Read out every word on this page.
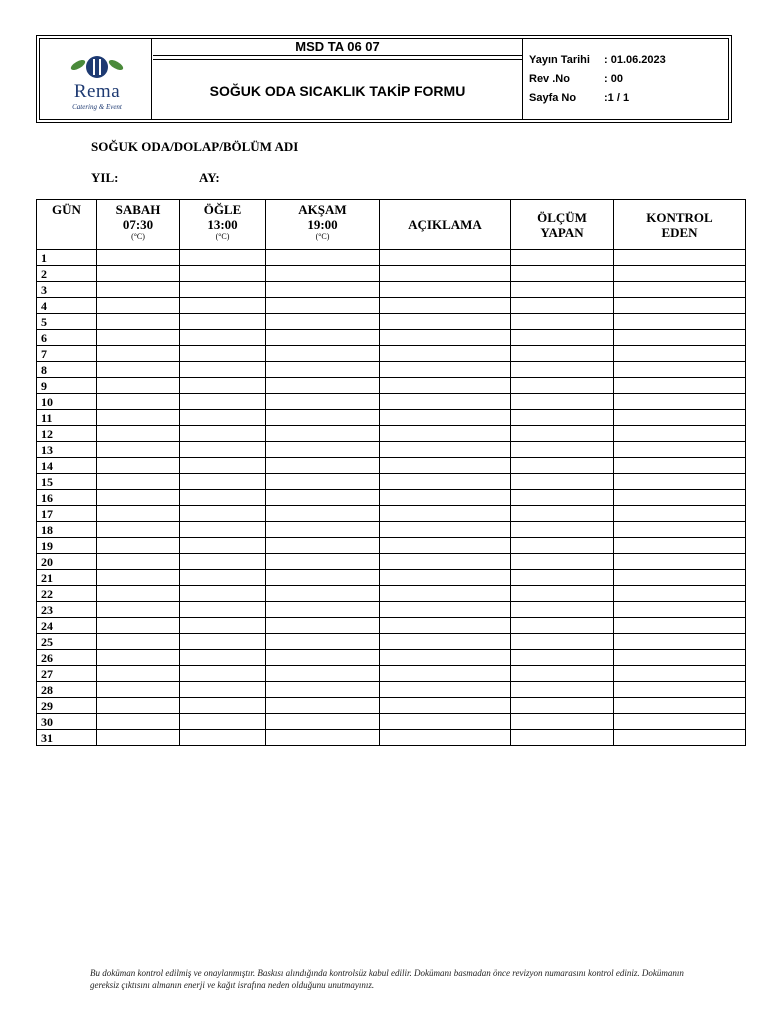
Rema
Catering & Event
MSD TA 06 07
SOĞUK ODA SICAKLIK TAKİP FORMU
Yayın Tarihi : 01.06.2023
Rev .No	: 00
Sayfa No	:1 / 1
SOĞUK ODA/DOLAP/BÖLÜM ADI
YIL:	AY:
GÜN	SABAH
07:30
(°C)	ÖĞLE
13:00
(°C)	AKŞAM
19:00
(°C)	AÇIKLAMA	ÖLÇÜM
YAPAN	KONTROL
EDEN
1						
2						
3						
4						
5						
6						
7						
8						
9						
10						
11						
12						
13						
14						
15						
16						
17						
18						
19						
20						
21						
22						
23						
24						
25						
26						
27						
28						
29						
30						
31						
Bu doküman kontrol edilmiş ve onaylanmıştır. Baskısı alındığında kontrolsüz kabul edilir. Dokümanı basmadan önce revizyon numarasını kontrol ediniz. Dokümanın gereksiz çıktısını almanın enerji ve kağıt israfına neden olduğunu unutmayınız.
